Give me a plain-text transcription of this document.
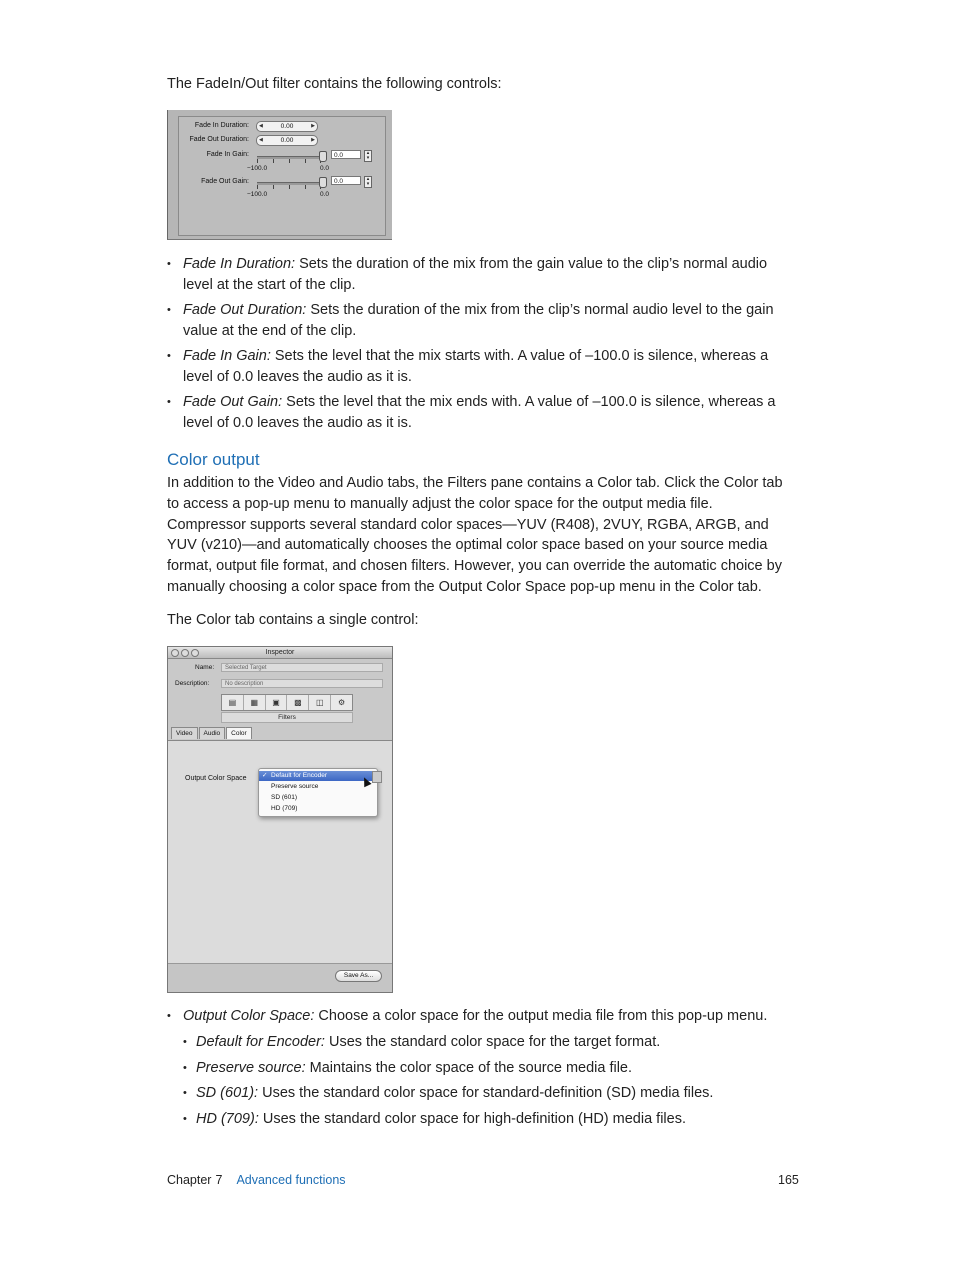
The FadeIn/Out filter contains the following controls:
Fade In Duration: ◀	0.00	▶
Fade Out Duration: ◀	0.00	▶
Fade In Gain:	0.0	▴
▾
−100.0	0.0
Fade Out Gain:	0.0	▴
▾
−100.0	0.0
• Fade In Duration: Sets the duration of the mix from the gain value to the clip’s normal audio level at the start of the clip.
• Fade Out Duration: Sets the duration of the mix from the clip’s normal audio level to the gain value at the end of the clip.
• Fade In Gain: Sets the level that the mix starts with. A value of –100.0 is silence, whereas a level of 0.0 leaves the audio as it is.
• Fade Out Gain: Sets the level that the mix ends with. A value of –100.0 is silence, whereas a level of 0.0 leaves the audio as it is.
Color output
In addition to the Video and Audio tabs, the Filters pane contains a Color tab. Click the Color tab to access a pop-up menu to manually adjust the color space for the output media file. Compressor supports several standard color spaces—YUV (R408), 2VUY, RGBA, ARGB, and YUV (v210)—and automatically chooses the optimal color space based on your source media format, output file format, and chosen filters. However, you can override the automatic choice by manually choosing a color space from the Output Color Space pop-up menu in the Color tab.
The Color tab contains a single control:
Inspector
Name:	Selected Target
Description:	No description
▤	▦	▣	▩	◫	⚙
Filters
Video	Audio	Color
Output Color Space ✓ Default for Encoder
Preserve source
SD (601)
HD (709)
Save As...
• Output Color Space: Choose a color space for the output media file from this pop-up menu.
• Default for Encoder: Uses the standard color space for the target format.
• Preserve source: Maintains the color space of the source media file.
• SD (601): Uses the standard color space for standard-definition (SD) media files.
• HD (709): Uses the standard color space for high-definition (HD) media files.
Chapter 7 Advanced functions	165
